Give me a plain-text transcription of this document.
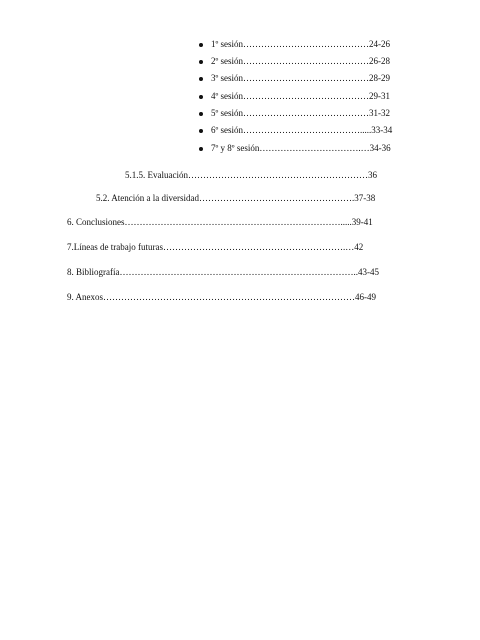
1º sesión……………………………………24-26
2º sesión……………………………………26-28
3º sesión……………………………………28-29
4º sesión……………………………………29-31
5º sesión……………………………………31-32
6º sesión………………………………….....33-34
7º y 8º sesión…………………………….…34-36
5.1.5. Evaluación……………………………………………………36
5.2. Atención a la diversidad…………………………………………….37-38
6. Conclusiones……………………………………………………………….....39-41
7.Líneas de trabajo futuras…………………………………………………….…42
8. Bibliografía……………………………………………………………………..43-45
9. Anexos…………………………………………………………………………46-49
